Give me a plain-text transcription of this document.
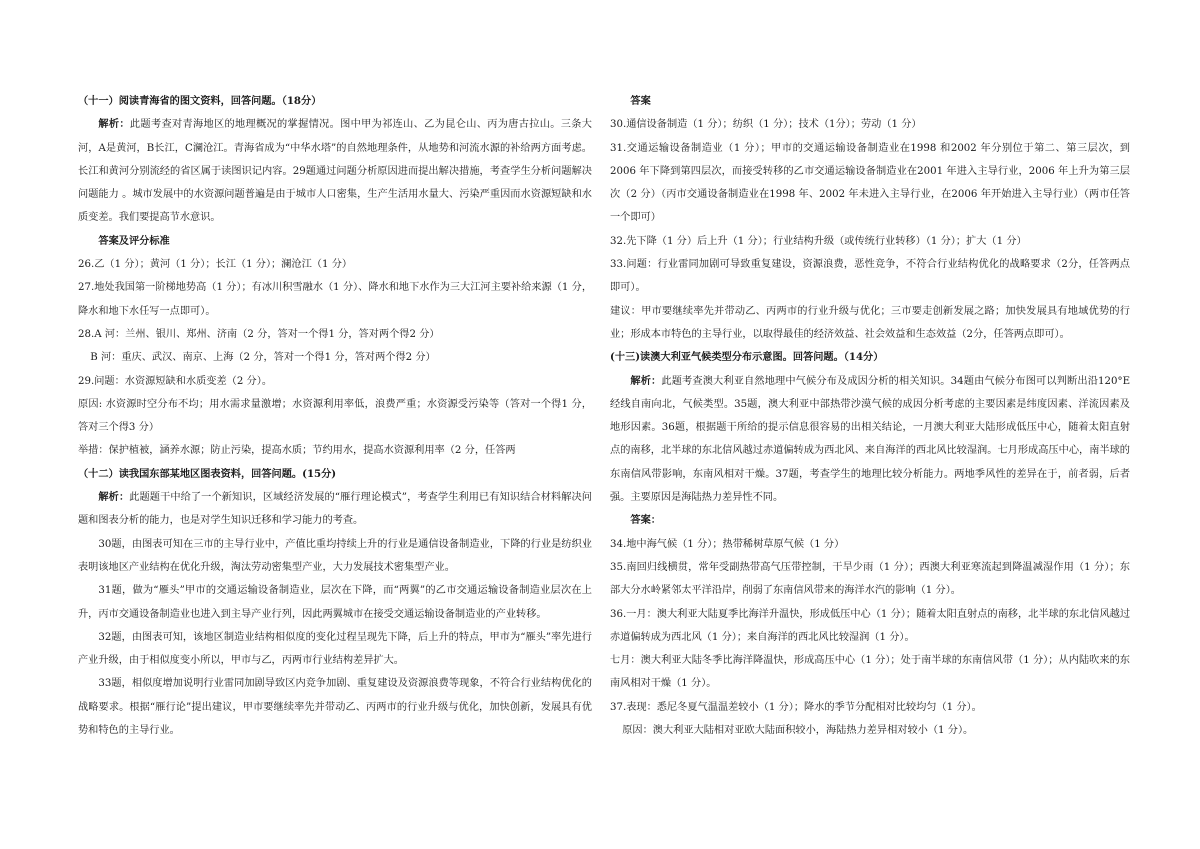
（十一）阅读青海省的图文资料，回答问题。（18分）

解析：此题考查对青海地区的地理概况的掌握情况。图中甲为祁连山、乙为昆仑山、丙为唐古拉山。三条大河，A是黄河，B长江，C澜沧江。青海省成为“中华水塔”的自然地理条件，从地势和河流水源的补给两方面考虑。长江和黄河分别流经的省区属于读图识记内容。29题通过问题分析原因进而提出解决措施，考查学生分析问题解决问题能力 。城市发展中的水资源问题普遍是由于城市人口密集，生产生活用水量大、污染严重因而水资源短缺和水质变差。我们要提高节水意识。

答案及评分标准

26.乙（1 分）；黄河（1 分）；长江（1 分）；澜沧江（1 分）

27.地处我国第一阶梯地势高（1 分）；有冰川积雪融水（1 分）、降水和地下水作为三大江河主要补给来源（1 分，降水和地下水任写一点即可）。

28.A 河：兰州、银川、郑州、济南（2 分，答对一个得1 分，答对两个得2 分）

B 河：重庆、武汉、南京、上海（2 分，答对一个得1 分，答对两个得2 分）

29.问题：水资源短缺和水质变差（2 分）。

原因: 水资源时空分布不均；用水需求量激增；水资源利用率低，浪费严重；水资源受污染等（答对一个得1 分，答对三个得3 分）

举措：保护植被，涵养水源；防止污染，提高水质；节约用水，提高水资源利用率（2 分，任答两

（十二）读我国东部某地区图表资料，回答问题。(15分)

解析：此题题干中给了一个新知识，区域经济发展的“雁行理论模式”，考查学生利用已有知识结合材料解决问题和图表分析的能力，也是对学生知识迁移和学习能力的考查。

30题，由图表可知在三市的主导行业中，产值比重均持续上升的行业是通信设备制造业，下降的行业是纺织业表明该地区产业结构在优化升级，淘汰劳动密集型产业，大力发展技术密集型产业。

31题，做为“雁头”甲市的交通运输设备制造业，层次在下降，而“两翼”的乙市交通运输设备制造业层次在上升，丙市交通设备制造业也进入到主导产业行列，因此两翼城市在接受交通运输设备制造业的产业转移。

32题，由图表可知，该地区制造业结构相似度的变化过程呈现先下降，后上升的特点，甲市为“雁头”率先进行产业升级，由于相似度变小所以，甲市与乙，丙两市行业结构差异扩大。

33题，相似度增加说明行业雷同加剧导致区内竞争加剧、重复建设及资源浪费等现象，不符合行业结构优化的战略要求。根据“雁行论”提出建议，甲市要继续率先并带动乙、丙两市的行业升级与优化，加快创新，发展具有优势和特色的主导行业。

答案

30.通信设备制造（1 分）；纺织（1 分）；技术（1分）；劳动（1 分）

31.交通运输设备制造业（1 分）；甲市的交通运输设备制造业在1998 和2002 年分别位于第二、第三层次，到2006 年下降到第四层次，而接受转移的乙市交通运输设备制造业在2001 年进入主导行业，2006 年上升为第三层次（2 分）（丙市交通设备制造业在1998 年、2002 年未进入主导行业，在2006 年开始进入主导行业）（两市任答一个即可）

32.先下降（1 分）后上升（1 分）；行业结构升级（或传统行业转移）（1 分）；扩大（1 分）

33.问题：行业雷同加剧可导致重复建设，资源浪费，恶性竞争，不符合行业结构优化的战略要求（2分，任答两点即可）。

建议：甲市要继续率先并带动乙、丙两市的行业升级与优化；三市要走创新发展之路；加快发展具有地域优势的行业；形成本市特色的主导行业，以取得最佳的经济效益、社会效益和生态效益（2分，任答两点即可）。

(十三)读澳大利亚气候类型分布示意图。回答问题。（14分）

解析：此题考查澳大利亚自然地理中气候分布及成因分析的相关知识。34题由气候分布图可以判断出沿120°E 经线自南向北，气候类型。35题，澳大利亚中部热带沙漠气候的成因分析考虑的主要因素是纬度因素、洋流因素及地形因素。36题，根据题干所给的提示信息很容易的出相关结论，一月澳大利亚大陆形成低压中心，随着太阳直射点的南移，北半球的东北信风越过赤道偏转成为西北风、来自海洋的西北风比较湿润。七月形成高压中心，南半球的东南信风带影响，东南风相对干燥。37题，考查学生的地理比较分析能力。两地季风性的差异在于，前者弱，后者强。主要原因是海陆热力差异性不同。

答案：

34.地中海气候（1 分）；热带稀树草原气候（1 分）

35.南回归线横贯，常年受副热带高气压带控制，干旱少雨（1 分）；西澳大利亚寒流起到降温减湿作用（1 分）；东部大分水岭紧邻太平洋沿岸，削弱了东南信风带来的海洋水汽的影响（1 分）。

36.一月：澳大利亚大陆夏季比海洋升温快，形成低压中心（1 分）；随着太阳直射点的南移，北半球的东北信风越过赤道偏转成为西北风（1 分）；来自海洋的西北风比较湿润（1 分）。

七月：澳大利亚大陆冬季比海洋降温快，形成高压中心（1 分）；处于南半球的东南信风带（1 分）；从内陆吹来的东南风相对干燥（1 分）。

37.表现：悉尼冬夏气温温差较小（1 分）；降水的季节分配相对比较均匀（1 分）。

原因：澳大利亚大陆相对亚欧大陆面积较小，海陆热力差异相对较小（1 分）。
